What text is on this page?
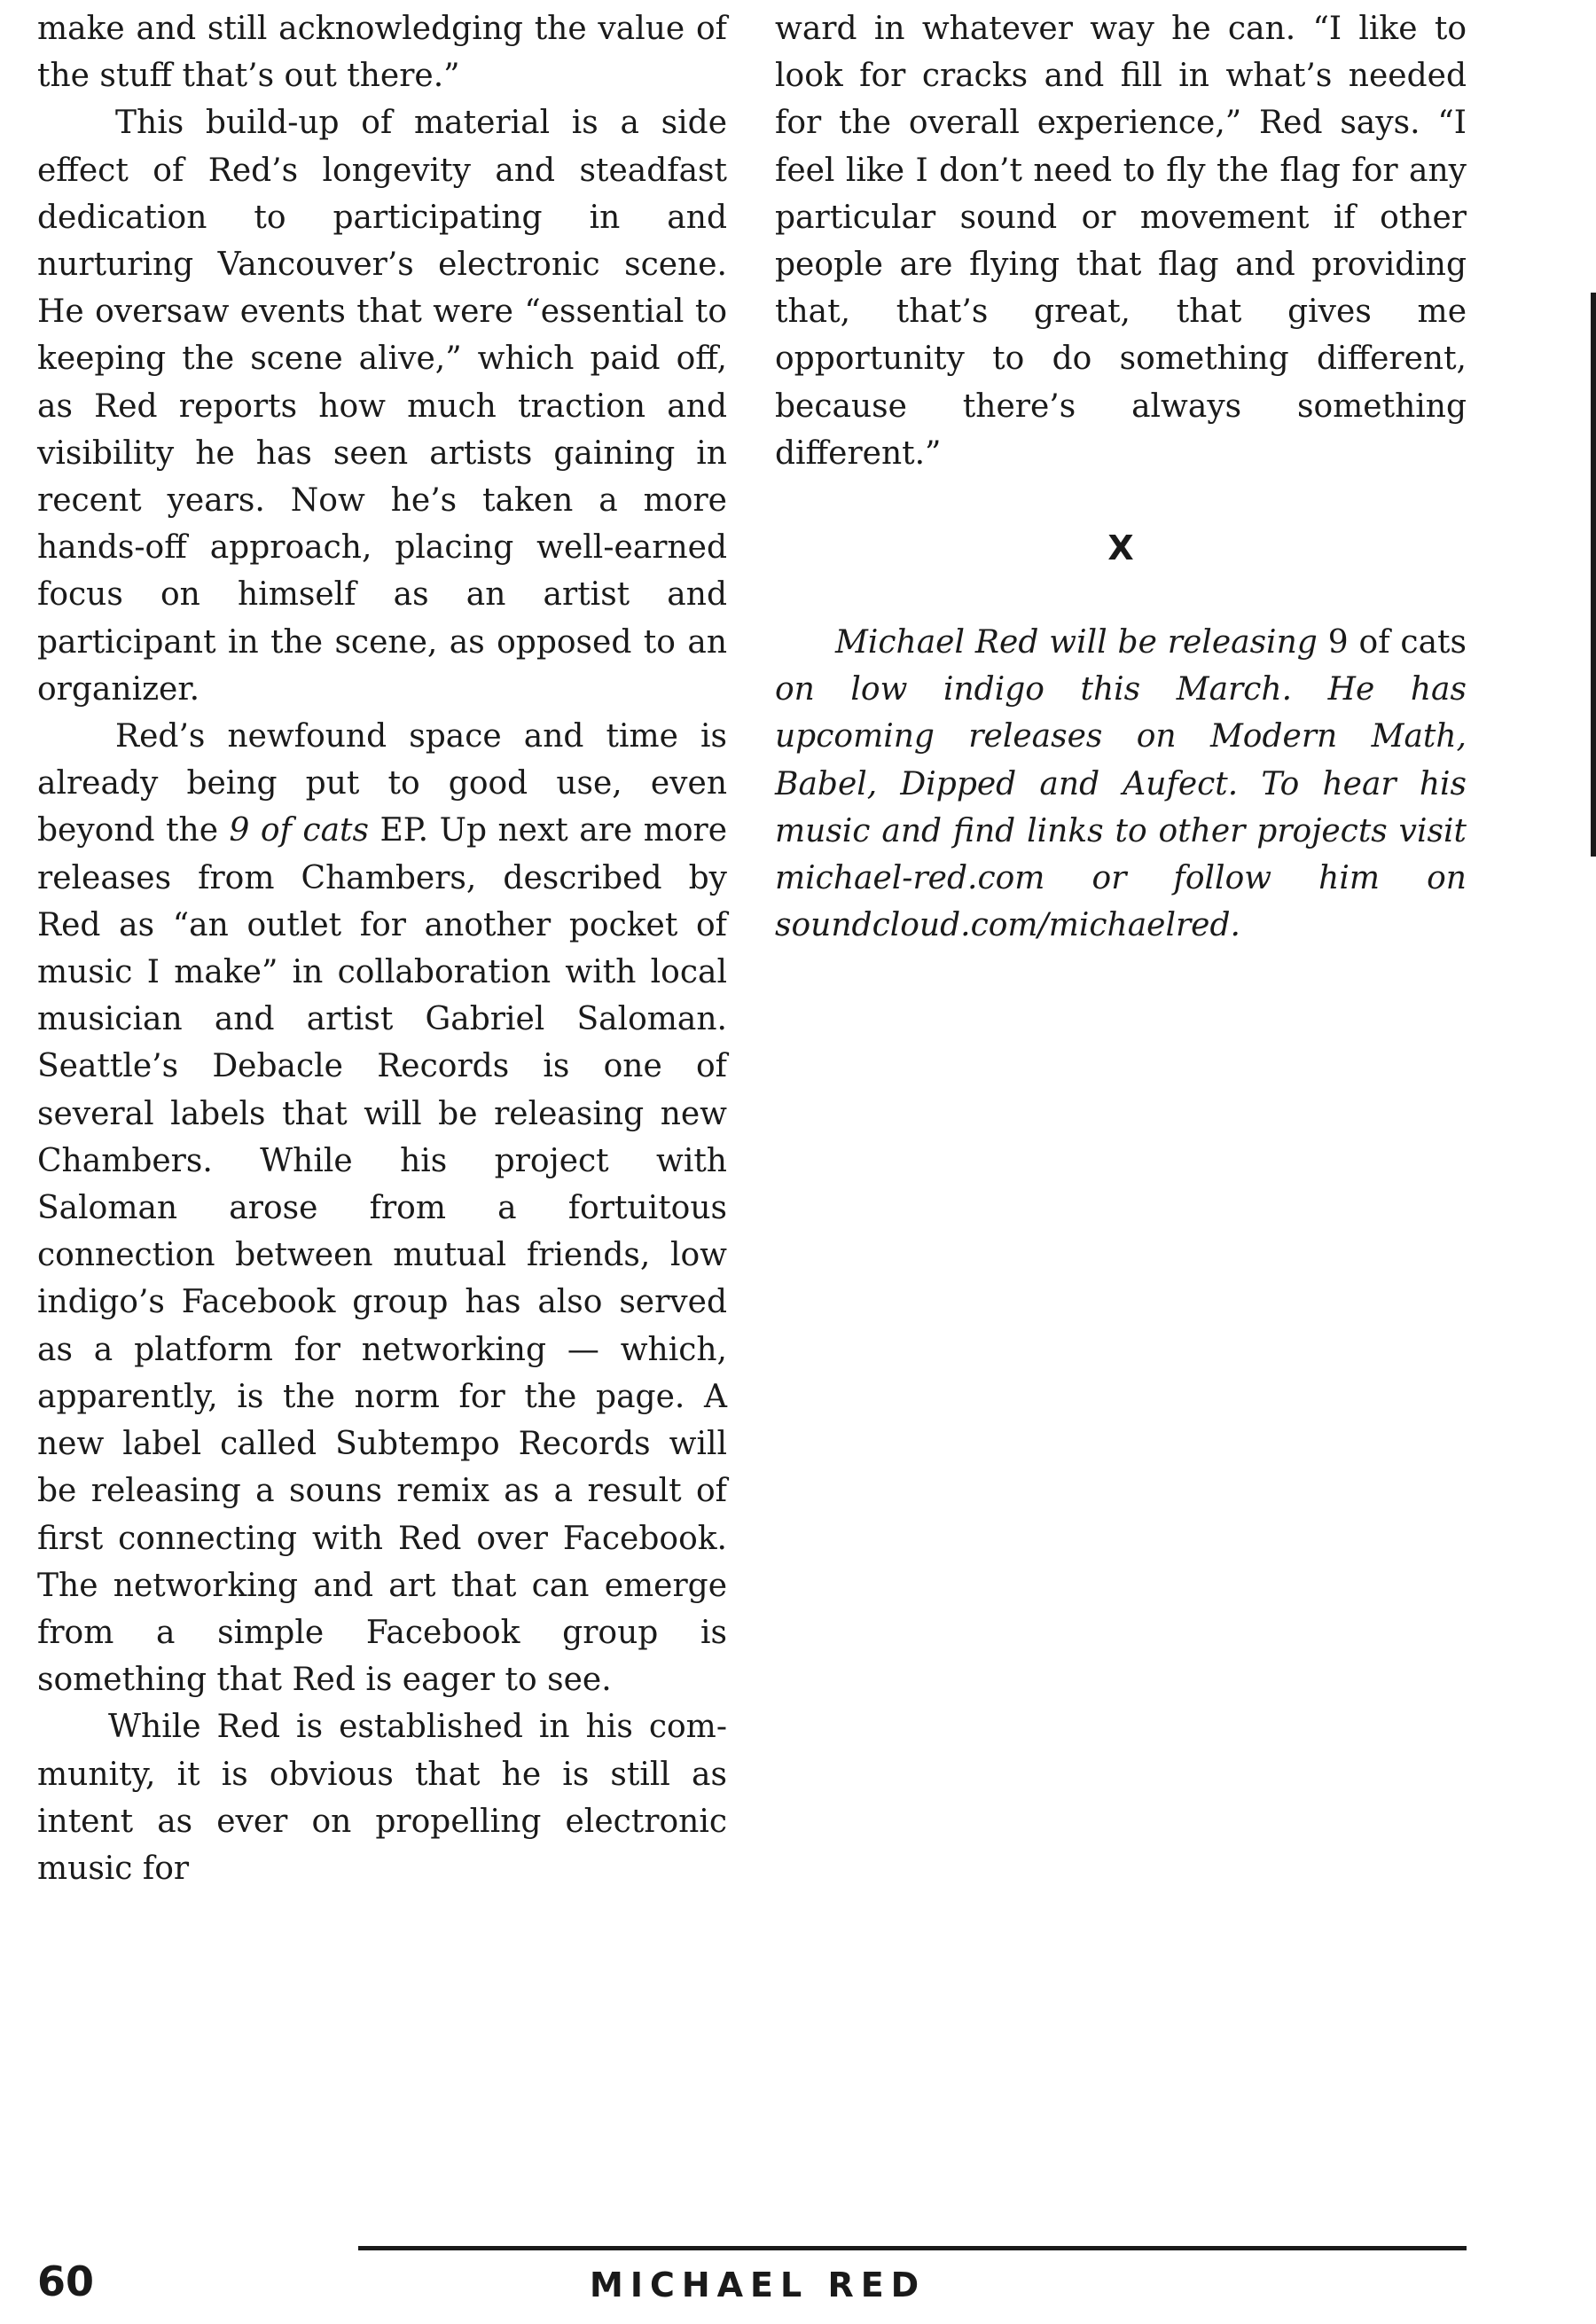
make and still acknowledging the value of the stuff that’s out there.”

This build-up of material is a side effect of Red’s longevity and steadfast dedication to participating in and nurturing Vancouver’s electronic scene. He oversaw events that were “essential to keeping the scene alive,” which paid off, as Red reports how much traction and visibility he has seen artists gaining in recent years. Now he’s taken a more hands-off approach, placing well-earned focus on himself as an artist and participant in the scene, as opposed to an organizer.

Red’s newfound space and time is already being put to good use, even beyond the 9 of cats EP. Up next are more releases from Chambers, described by Red as “an outlet for another pocket of music I make” in collaboration with local musician and artist Gabriel Saloman. Seattle’s Debacle Records is one of several labels that will be releasing new Chambers. While his project with Saloman arose from a fortuitous connection between mutual friends, low indigo’s Facebook group has also served as a platform for networking — which, apparently, is the norm for the page. A new label called Subtempo Records will be releasing a souns remix as a result of first connecting with Red over Facebook. The networking and art that can emerge from a simple Facebook group is something that Red is eager to see.

While Red is established in his community, it is obvious that he is still as intent as ever on propelling electronic music for

ward in whatever way he can. “I like to look for cracks and fill in what’s needed for the overall experience,” Red says. “I feel like I don’t need to fly the flag for any particular sound or movement if other people are flying that flag and providing that, that’s great, that gives me opportunity to do something different, because there’s always something different.”

X

Michael Red will be releasing 9 of cats on low indigo this March. He has upcoming releases on Modern Math, Babel, Dipped and Aufect. To hear his music and find links to other projects visit michael-red.com or follow him on soundcloud.com/michaelred.

60	MICHAEL RED
